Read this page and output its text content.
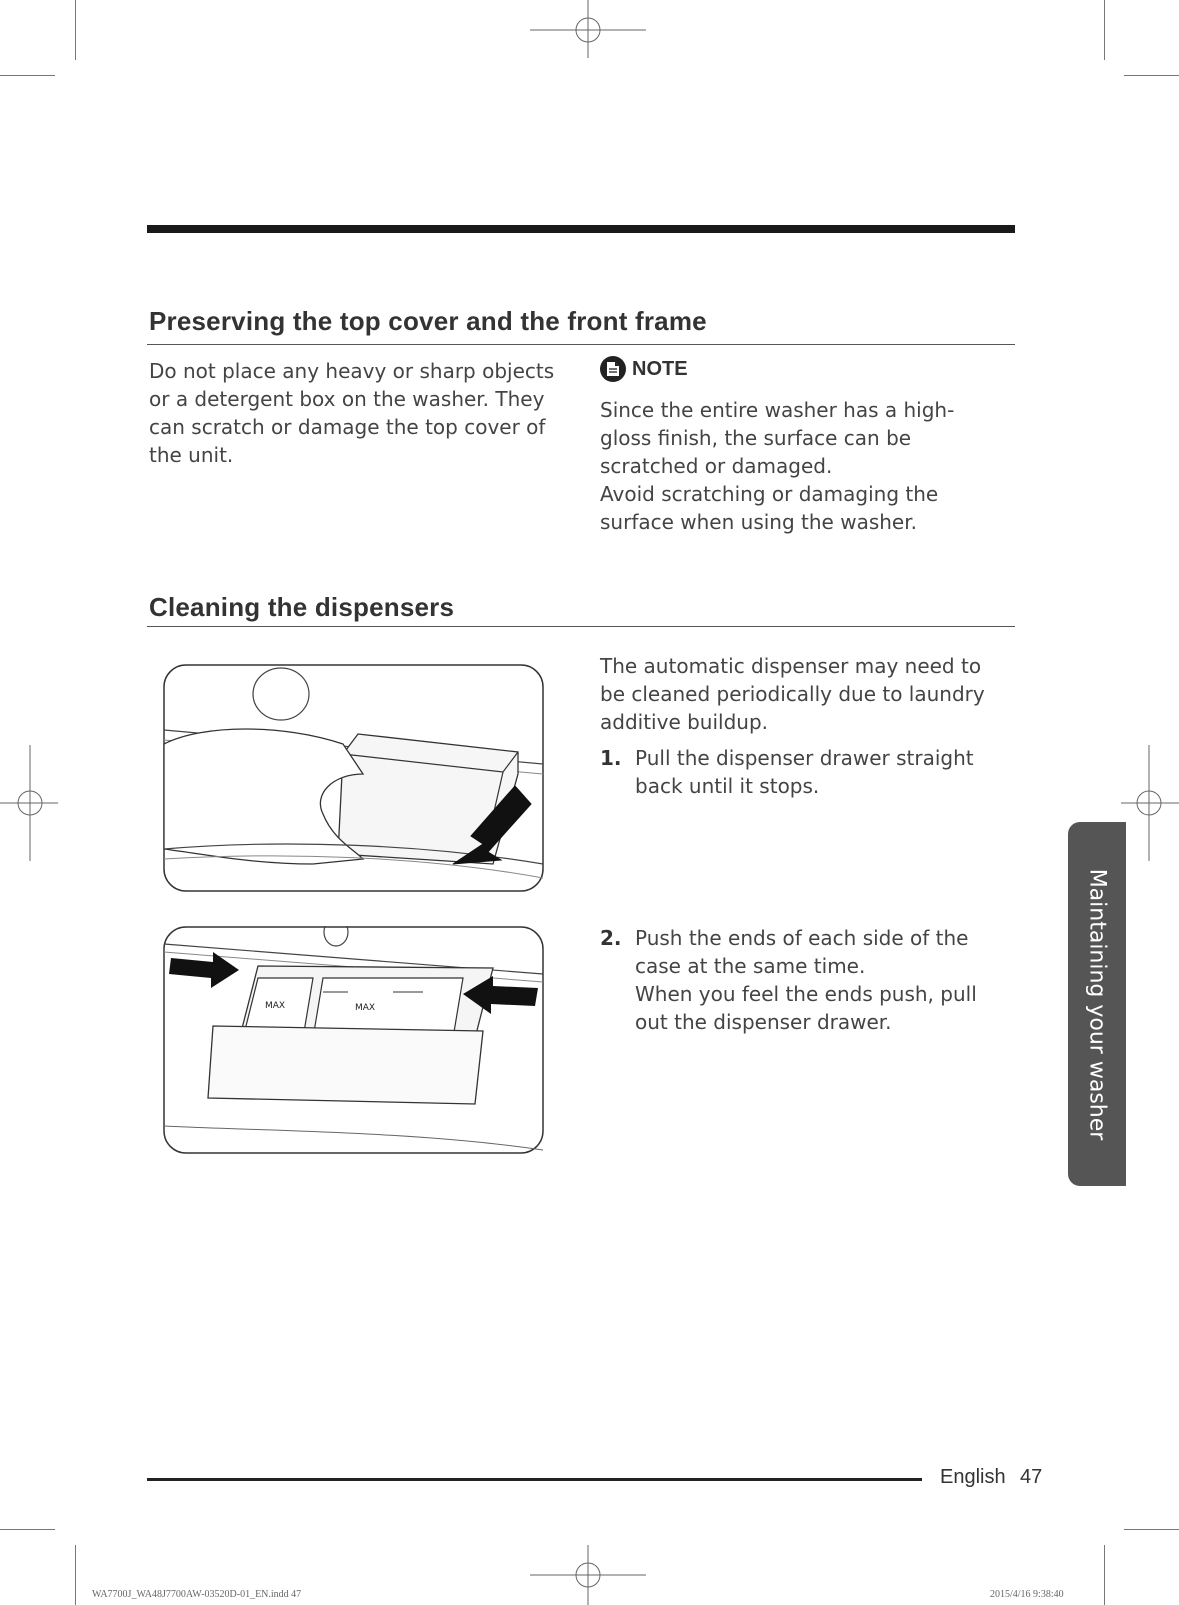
Preserving the top cover and the front frame

Do not place any heavy or sharp objects or a detergent box on the washer. They can scratch or damage the top cover of the unit.

NOTE

Since the entire washer has a high-gloss finish, the surface can be scratched or damaged.

Avoid scratching or damaging the surface when using the washer.

Cleaning the dispensers

The automatic dispenser may need to be cleaned periodically due to laundry additive buildup.

1. Pull the dispenser drawer straight back until it stops.
2. Push the ends of each side of the case at the same time.
When you feel the ends push, pull out the dispenser drawer.
MAX	MAX	Maintaining your washer
English 47
WA7700J_WA48J7700AW-03520D-01_EN.indd 47	2015/4/16 9:38:40
